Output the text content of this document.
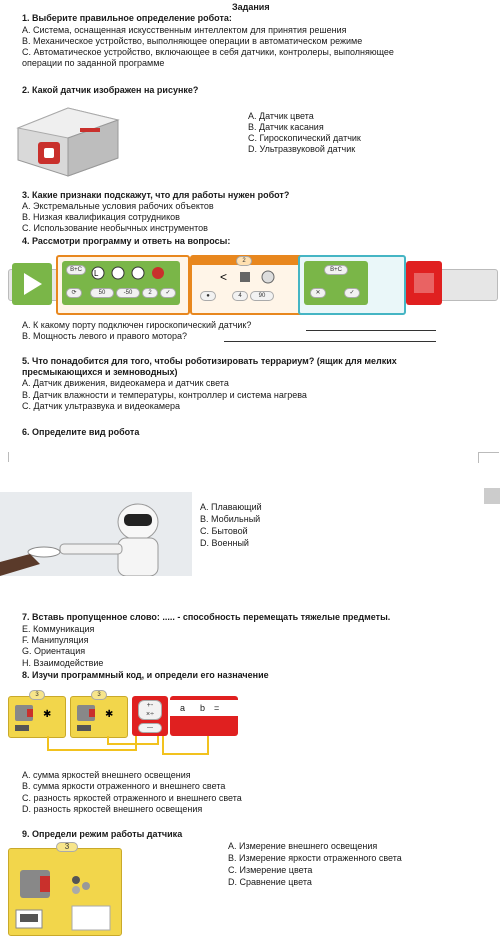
Задания
1. Выберите правильное определение робота:
A. Система, оснащенная искусственным интеллектом для принятия решения
B. Механическое устройство, выполняющее операции в автоматическом режиме
C. Автоматическое устройство, включающее в себя датчики, контролеры, выполняющее
операции по заданной программе
2. Какой датчик изображен на рисунке?
A. Датчик цвета
B. Датчик касания
C. Гироскопический датчик
D. Ультразвуковой датчик
3. Какие признаки подскажут, что для работы нужен робот?
A. Экстремальные условия рабочих объектов
B. Низкая квалификация сотрудников
C. Использование необычных инструментов
4. Рассмотри программу и ответь на вопросы:
B+C	L
⟳	50	-50	2	✓
2
<
●	4	90
B+C
✕	✓
A. К какому порту подключен гироскопический датчик?
B. Мощность левого и правого мотора?
5. Что понадобится для того, чтобы роботизировать террариум? (ящик для мелких
пресмыкающихся и земноводных)
A. Датчик движения, видеокамера и датчик света
B. Датчик влажности и температуры, контроллер и система нагрева
C. Датчик ультразвука и видеокамера
6. Определите вид робота
A. Плавающий
B. Мобильный
C. Бытовой
D. Военный
7. Вставь пропущенное слово: ..... - способность перемещать тяжелые предметы.
E. Коммуникация
F. Манипуляция
G. Ориентация
H. Взаимодействие
8. Изучи программный код, и определи его назначение
3
✱
3
✱
+-
×÷
—
a b =
A. сумма яркостей внешнего освещения
B. сумма яркости отраженного и внешнего света
C. разность яркостей отраженного и внешнего света
D. разность яркостей внешнего освещения
9. Определи режим работы датчика
3	A. Измерение внешнего освещения
B. Измерение яркости отраженного света
C. Измерение цвета
D. Сравнение цвета
